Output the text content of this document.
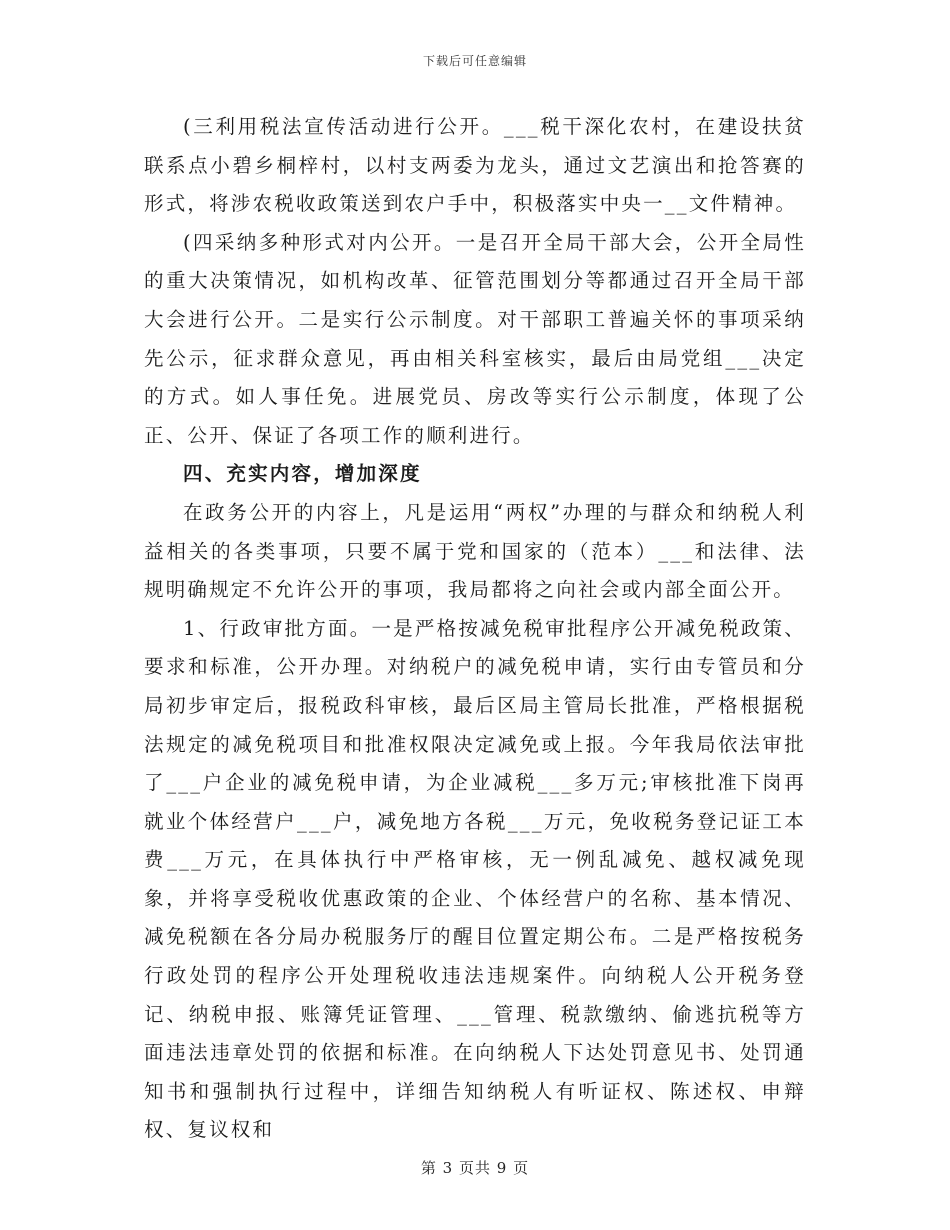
下载后可任意编辑

(三利用税法宣传活动进行公开。___税干深化农村，在建设扶贫联系点小碧乡桐梓村，以村支两委为龙头，通过文艺演出和抢答赛的形式，将涉农税收政策送到农户手中，积极落实中央一__文件精神。

(四采纳多种形式对内公开。一是召开全局干部大会，公开全局性的重大决策情况，如机构改革、征管范围划分等都通过召开全局干部大会进行公开。二是实行公示制度。对干部职工普遍关怀的事项采纳先公示，征求群众意见，再由相关科室核实，最后由局党组___决定的方式。如人事任免。进展党员、房改等实行公示制度，体现了公正、公开、保证了各项工作的顺利进行。

四、充实内容，增加深度

在政务公开的内容上，凡是运用“两权”办理的与群众和纳税人利益相关的各类事项，只要不属于党和国家的（范本）___和法律、法规明确规定不允许公开的事项，我局都将之向社会或内部全面公开。

1、行政审批方面。一是严格按减免税审批程序公开减免税政策、要求和标准，公开办理。对纳税户的减免税申请，实行由专管员和分局初步审定后，报税政科审核，最后区局主管局长批准，严格根据税法规定的减免税项目和批准权限决定减免或上报。今年我局依法审批了___户企业的减免税申请，为企业减税___多万元;审核批准下岗再就业个体经营户___户，减免地方各税___万元，免收税务登记证工本费___万元，在具体执行中严格审核，无一例乱减免、越权减免现象，并将享受税收优惠政策的企业、个体经营户的名称、基本情况、减免税额在各分局办税服务厅的醒目位置定期公布。二是严格按税务行政处罚的程序公开处理税收违法违规案件。向纳税人公开税务登记、纳税申报、账簿凭证管理、___管理、税款缴纳、偷逃抗税等方面违法违章处罚的依据和标准。在向纳税人下达处罚意见书、处罚通知书和强制执行过程中，详细告知纳税人有听证权、陈述权、申辩权、复议权和

第 3 页共 9 页
